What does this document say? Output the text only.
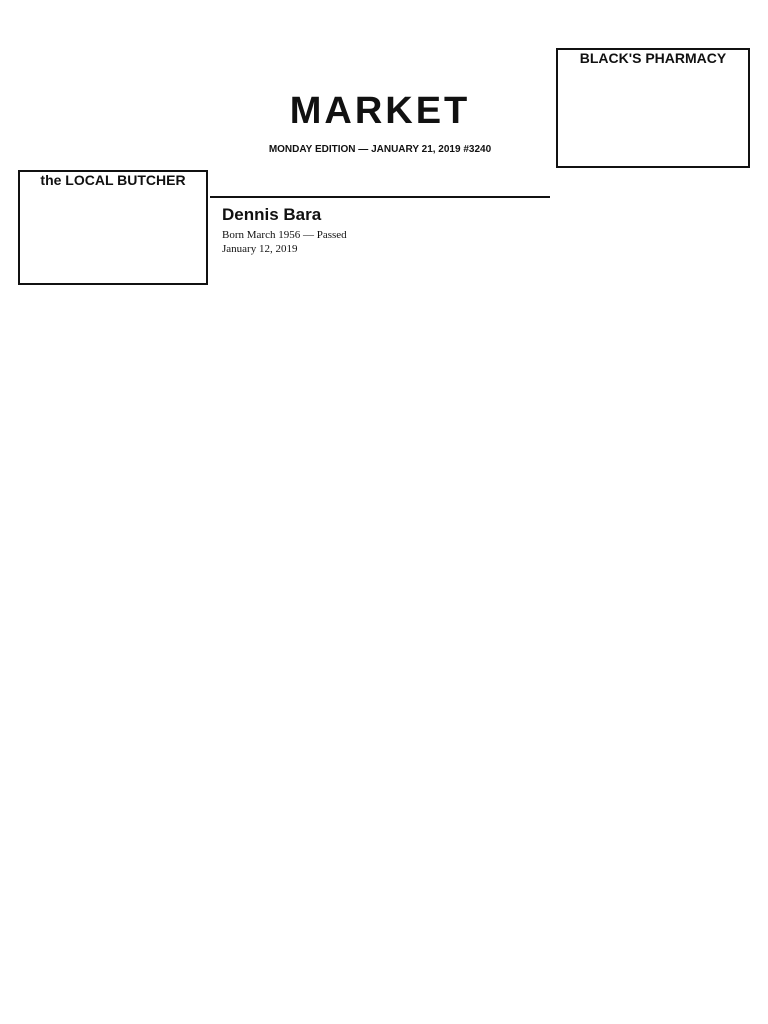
MARKET
MONDAY EDITION — JANUARY 21, 2019 #3240
Dennis Bara
Born March 1956 — Passed January 12, 2019
the LOCAL BUTCHER
BLACK'S PHARMACY
